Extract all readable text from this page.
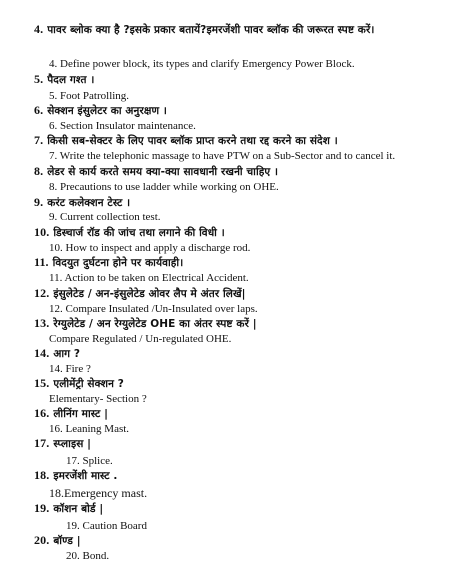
4. पावर ब्लोक क्या है ?इसके प्रकार बतायें?इमरजेंशी पावर ब्लॉक की जरूरत स्पष्ट करें।
4. Define power block, its types and clarify Emergency Power Block.
5. पैदल गश्त ।
5. Foot Patrolling.
6. सेक्शन इंसुलेटर का अनुरक्षण ।
6. Section Insulator maintenance.
7. किसी सब-सेक्टर के लिए पावर ब्लॉक प्राप्त करने तथा रद्द करने का संदेश ।
7. Write the telephonic massage to have PTW on a Sub-Sector and to cancel it.
8. लेडर से कार्य करते समय क्या-क्या सावधानी रखनी चाहिए ।
8. Precautions to use ladder while working on OHE.
9. करंट कलेक्शन टेस्ट ।
9. Current collection test.
10. डिस्चार्ज रॉड की जांच तथा लगाने की विधी ।
10. How to inspect and apply a discharge rod.
11. विदयुत दुर्घटना होने पर कार्यवाही।
11. Action to be taken on Electrical Accident.
12. इंसुलेटेड / अन-इंसुलेटेड ओवर लैप मे अंतर लिखें|
12. Compare Insulated /Un-Insulated over laps.
13. रेग्युलेटेड / अन रेग्युलेटेड OHE का अंतर स्पष्ट करें |
Compare Regulated / Un-regulated OHE.
14. आग ?
14. Fire ?
15. एलीमेंट्री सेक्शन ?
Elementary- Section ?
16. लीनिंग मास्ट |
16. Leaning Mast.
17. स्प्लाइस |
17. Splice.
18. इमरजेंशी मास्ट .
18.Emergency mast.
19. कॉशन बोर्ड |
19. Caution Board
20. बॉण्ड |
20. Bond.
